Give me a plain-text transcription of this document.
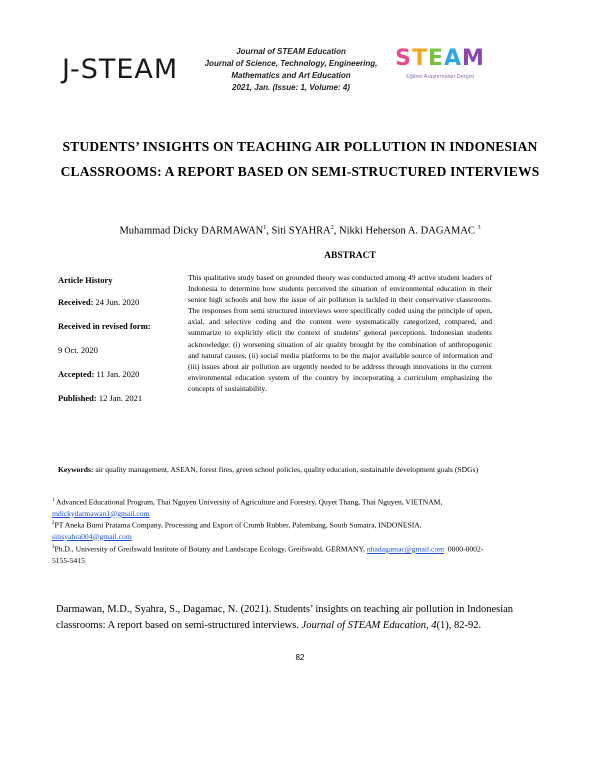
J-STEAM
Journal of STEAM Education
Journal of Science, Technology, Engineering,
Mathematics and Art Education
2021, Jan. (Issue: 1, Volume: 4)
STEAM
Eğitimi Araştırmaları Dergisi
STUDENTS’ INSIGHTS ON TEACHING AIR POLLUTION IN INDONESIAN CLASSROOMS: A REPORT BASED ON SEMI-STRUCTURED INTERVIEWS
Muhammad Dicky DARMAWAN$^1$, Siti SYAHRA$^2$, Nikki Heherson A. DAGAMAC $^3$
ABSTRACT
Article History
Received: 24 Jun. 2020
Received in revised form:
9 Oct. 2020
Accepted: 11 Jan. 2020
Published: 12 Jan. 2021
This qualitative study based on grounded theory was conducted among 49 active student leaders of Indonesia to determine how students perceived the situation of environmental education in their senior high schools and how the issue of air pollution is tackled in their conservative classrooms. The responses from semi structured interviews were specifically coded using the principle of open, axial, and selective coding and the content were systematically categorized, compared, and summarize to explicitly elicit the context of students’ general perceptions. Indonesian students acknowledge: (i) worsening situation of air quality brought by the combination of anthropogenic and natural causes, (ii) social media platforms to be the major available source of information and (iii) issues about air pollution are urgently needed to be address through innovations in the current environmental education system of the country by incorporating a curriculum emphasizing the concepts of sustainability.
Keywords: air quality management, ASEAN, forest fires, green school policies, quality education, sustainable development goals (SDGs)
$^1$ Advanced Educational Program, Thai Nguyen University of Agriculture and Forestry, Quyet Thang, Thai Nguyen, VIETNAM, mdickydarmawan1@gmail.com
$^2$PT Aneka Bumi Pratama Company, Processing and Export of Crumb Rubber, Palembang, South Sumatra, INDONESIA, sitisyahra004@gmail.com
$^3$Ph.D., University of Greifswald Institute of Botany and Landscape Ecology, Greifswald, GERMANY, nhadagamac@gmail.com 0000-0002-5155-5415
Darmawan, M.D., Syahra, S., Dagamac, N. (2021). Students’ insights on teaching air pollution in Indonesian classrooms: A report based on semi-structured interviews. Journal of STEAM Education, 4(1), 82-92.
82
